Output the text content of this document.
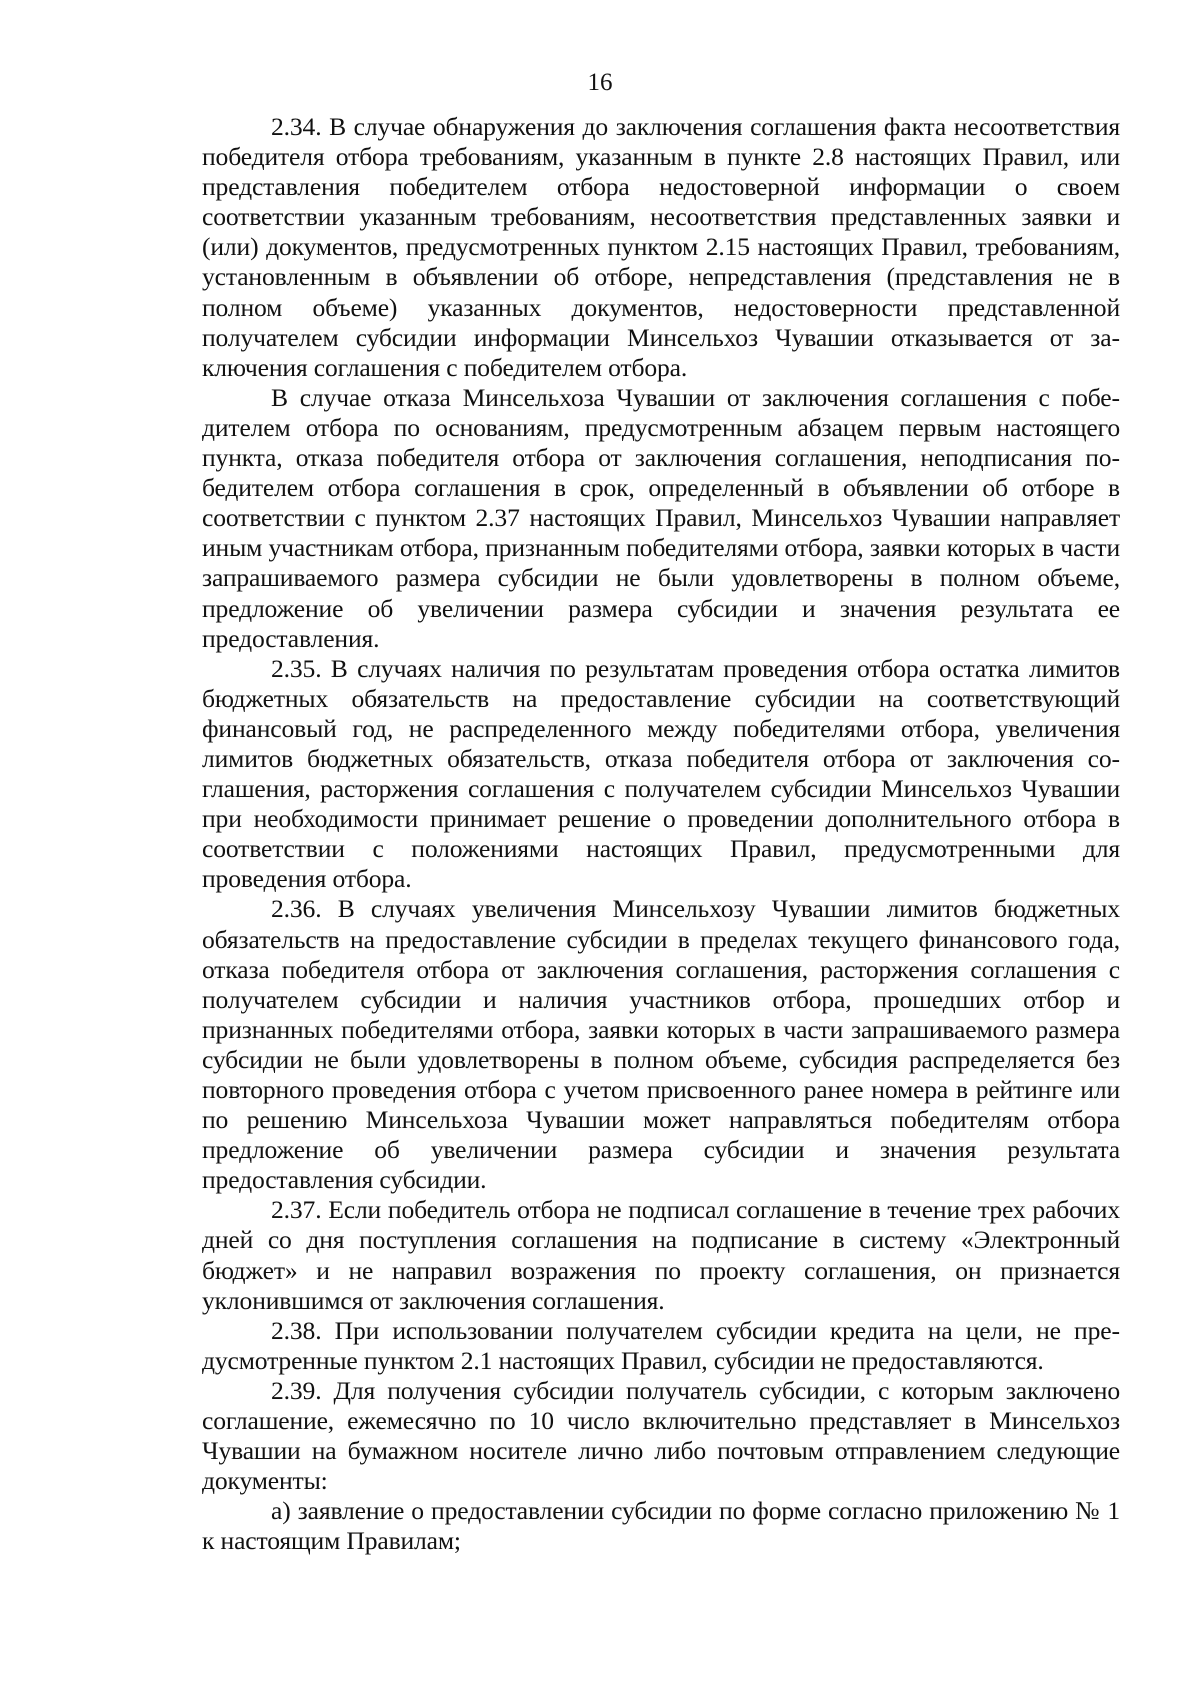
16

2.34. В случае обнаружения до заключения соглашения факта несоответствия победителя отбора требованиям, указанным в пункте 2.8 настоящих Правил, или представления победителем отбора недостоверной информации о своем соответствии указанным требованиям, несоответствия представленных заявки и (или) документов, предусмотренных пунктом 2.15 настоящих Правил, требованиям, установленным в объявлении об отборе, непредставления (представления не в полном объеме) указанных документов, недостоверности представленной получателем субсидии информации Минсельхоз Чувашии отказывается от заключения соглашения с победителем отбора.

В случае отказа Минсельхоза Чувашии от заключения соглашения с победителем отбора по основаниям, предусмотренным абзацем первым настоящего пункта, отказа победителя отбора от заключения соглашения, неподписания победителем отбора соглашения в срок, определенный в объявлении об отборе в соответствии с пунктом 2.37 настоящих Правил, Минсельхоз Чувашии направляет иным участникам отбора, признанным победителями отбора, заявки которых в части запрашиваемого размера субсидии не были удовлетворены в полном объеме, предложение об увеличении размера субсидии и значения результата ее предоставления.

2.35. В случаях наличия по результатам проведения отбора остатка лимитов бюджетных обязательств на предоставление субсидии на соответствующий финансовый год, не распределенного между победителями отбора, увеличения лимитов бюджетных обязательств, отказа победителя отбора от заключения соглашения, расторжения соглашения с получателем субсидии Минсельхоз Чувашии при необходимости принимает решение о проведении дополнительного отбора в соответствии с положениями настоящих Правил, предусмотренными для проведения отбора.

2.36. В случаях увеличения Минсельхозу Чувашии лимитов бюджетных обязательств на предоставление субсидии в пределах текущего финансового года, отказа победителя отбора от заключения соглашения, расторжения соглашения с получателем субсидии и наличия участников отбора, прошедших отбор и признанных победителями отбора, заявки которых в части запрашиваемого размера субсидии не были удовлетворены в полном объеме, субсидия распределяется без повторного проведения отбора с учетом присвоенного ранее номера в рейтинге или по решению Минсельхоза Чувашии может направляться победителям отбора предложение об увеличении размера субсидии и значения результата предоставления субсидии.

2.37. Если победитель отбора не подписал соглашение в течение трех рабочих дней со дня поступления соглашения на подписание в систему «Электронный бюджет» и не направил возражения по проекту соглашения, он признается уклонившимся от заключения соглашения.

2.38. При использовании получателем субсидии кредита на цели, не предусмотренные пунктом 2.1 настоящих Правил, субсидии не предоставляются.

2.39. Для получения субсидии получатель субсидии, с которым заключено соглашение, ежемесячно по 10 число включительно представляет в Минсельхоз Чувашии на бумажном носителе лично либо почтовым отправлением следующие документы:

а) заявление о предоставлении субсидии по форме согласно приложению № 1 к настоящим Правилам;
